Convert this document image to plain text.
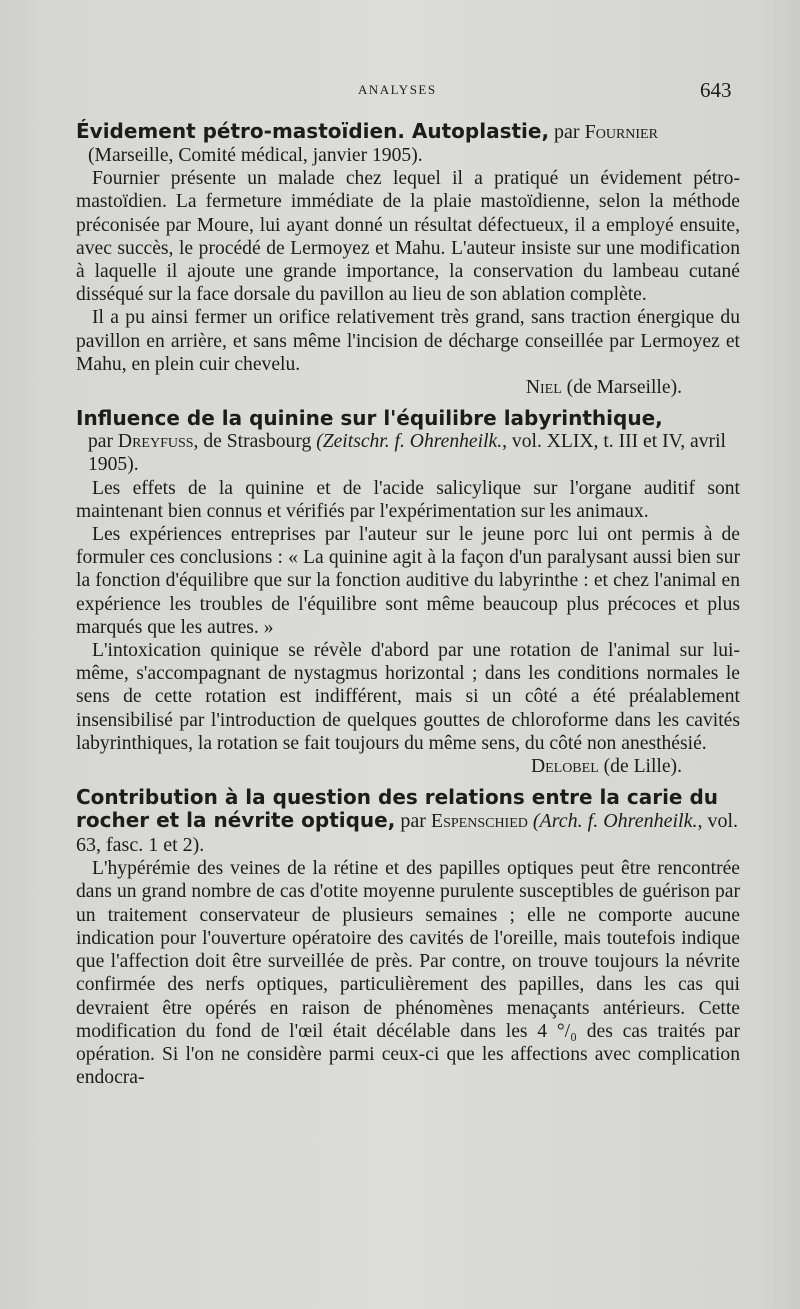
ANALYSES	643

Évidement pétro-mastoïdien. Autoplastie, par Fournier

(Marseille, Comité médical, janvier 1905).

Fournier présente un malade chez lequel il a pratiqué un évidement pétro-mastoïdien. La fermeture immédiate de la plaie mastoïdienne, selon la méthode préconisée par Moure, lui ayant donné un résultat défectueux, il a employé ensuite, avec succès, le procédé de Lermoyez et Mahu. L'auteur insiste sur une modification à laquelle il ajoute une grande importance, la conservation du lambeau cutané disséqué sur la face dorsale du pavillon au lieu de son ablation complète.

Il a pu ainsi fermer un orifice relativement très grand, sans traction énergique du pavillon en arrière, et sans même l'incision de décharge conseillée par Lermoyez et Mahu, en plein cuir chevelu.

Niel (de Marseille).

Influence de la quinine sur l'équilibre labyrinthique,

par Dreyfuss, de Strasbourg (Zeitschr. f. Ohrenheilk., vol. XLIX, t. III et IV, avril 1905).

Les effets de la quinine et de l'acide salicylique sur l'organe auditif sont maintenant bien connus et vérifiés par l'expérimentation sur les animaux.

Les expériences entreprises par l'auteur sur le jeune porc lui ont permis à de formuler ces conclusions : « La quinine agit à la façon d'un paralysant aussi bien sur la fonction d'équilibre que sur la fonction auditive du labyrinthe : et chez l'animal en expérience les troubles de l'équilibre sont même beaucoup plus précoces et plus marqués que les autres. »

L'intoxication quinique se révèle d'abord par une rotation de l'animal sur lui-même, s'accompagnant de nystagmus horizontal ; dans les conditions normales le sens de cette rotation est indifférent, mais si un côté a été préalablement insensibilisé par l'introduction de quelques gouttes de chloroforme dans les cavités labyrinthiques, la rotation se fait toujours du même sens, du côté non anesthésié.

Delobel (de Lille).

Contribution à la question des relations entre la carie du rocher et la névrite optique, par Espenschied (Arch. f. Ohrenheilk., vol. 63, fasc. 1 et 2).

L'hypérémie des veines de la rétine et des papilles optiques peut être rencontrée dans un grand nombre de cas d'otite moyenne purulente susceptibles de guérison par un traitement conservateur de plusieurs semaines ; elle ne comporte aucune indication pour l'ouverture opératoire des cavités de l'oreille, mais toutefois indique que l'affection doit être surveillée de près. Par contre, on trouve toujours la névrite confirmée des nerfs optiques, particulièrement des papilles, dans les cas qui devraient être opérés en raison de phénomènes menaçants antérieurs. Cette modification du fond de l'œil était décélable dans les 4 °/₀ des cas traités par opération. Si l'on ne considère parmi ceux-ci que les affections avec complication endocra-
